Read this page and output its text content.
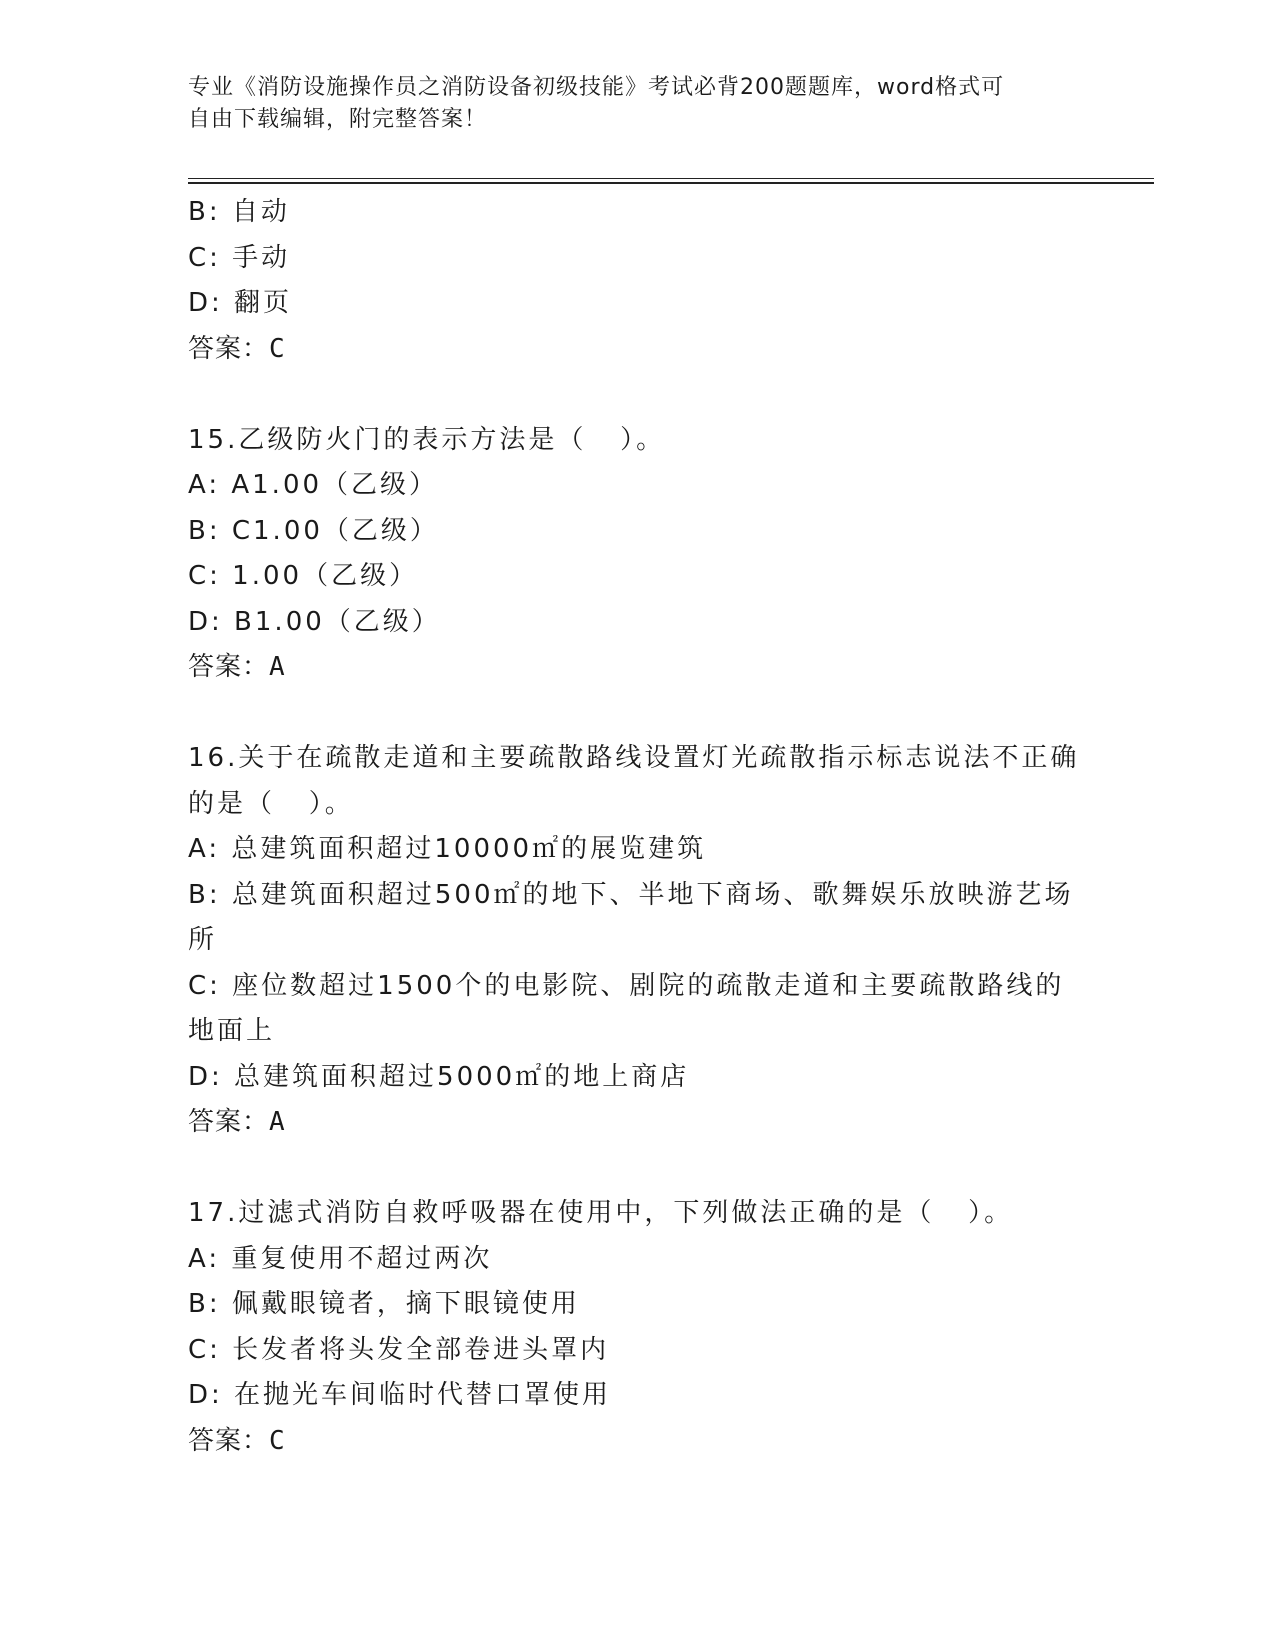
专业《消防设施操作员之消防设备初级技能》考试必背200题题库，word格式可
自由下载编辑，附完整答案！
B: 自动
C: 手动
D: 翻页
答案：C
15.乙级防火门的表示方法是（   ）。
A: A1.00（乙级）
B: C1.00（乙级）
C: 1.00（乙级）
D: B1.00（乙级）
答案：A
16.关于在疏散走道和主要疏散路线设置灯光疏散指示标志说法不正确
的是（   ）。
A: 总建筑面积超过10000㎡的展览建筑
B: 总建筑面积超过500㎡的地下、半地下商场、歌舞娱乐放映游艺场
所
C: 座位数超过1500个的电影院、剧院的疏散走道和主要疏散路线的
地面上
D: 总建筑面积超过5000㎡的地上商店
答案：A
17.过滤式消防自救呼吸器在使用中，下列做法正确的是（   ）。
A: 重复使用不超过两次
B: 佩戴眼镜者，摘下眼镜使用
C: 长发者将头发全部卷进头罩内
D: 在抛光车间临时代替口罩使用
答案：C
